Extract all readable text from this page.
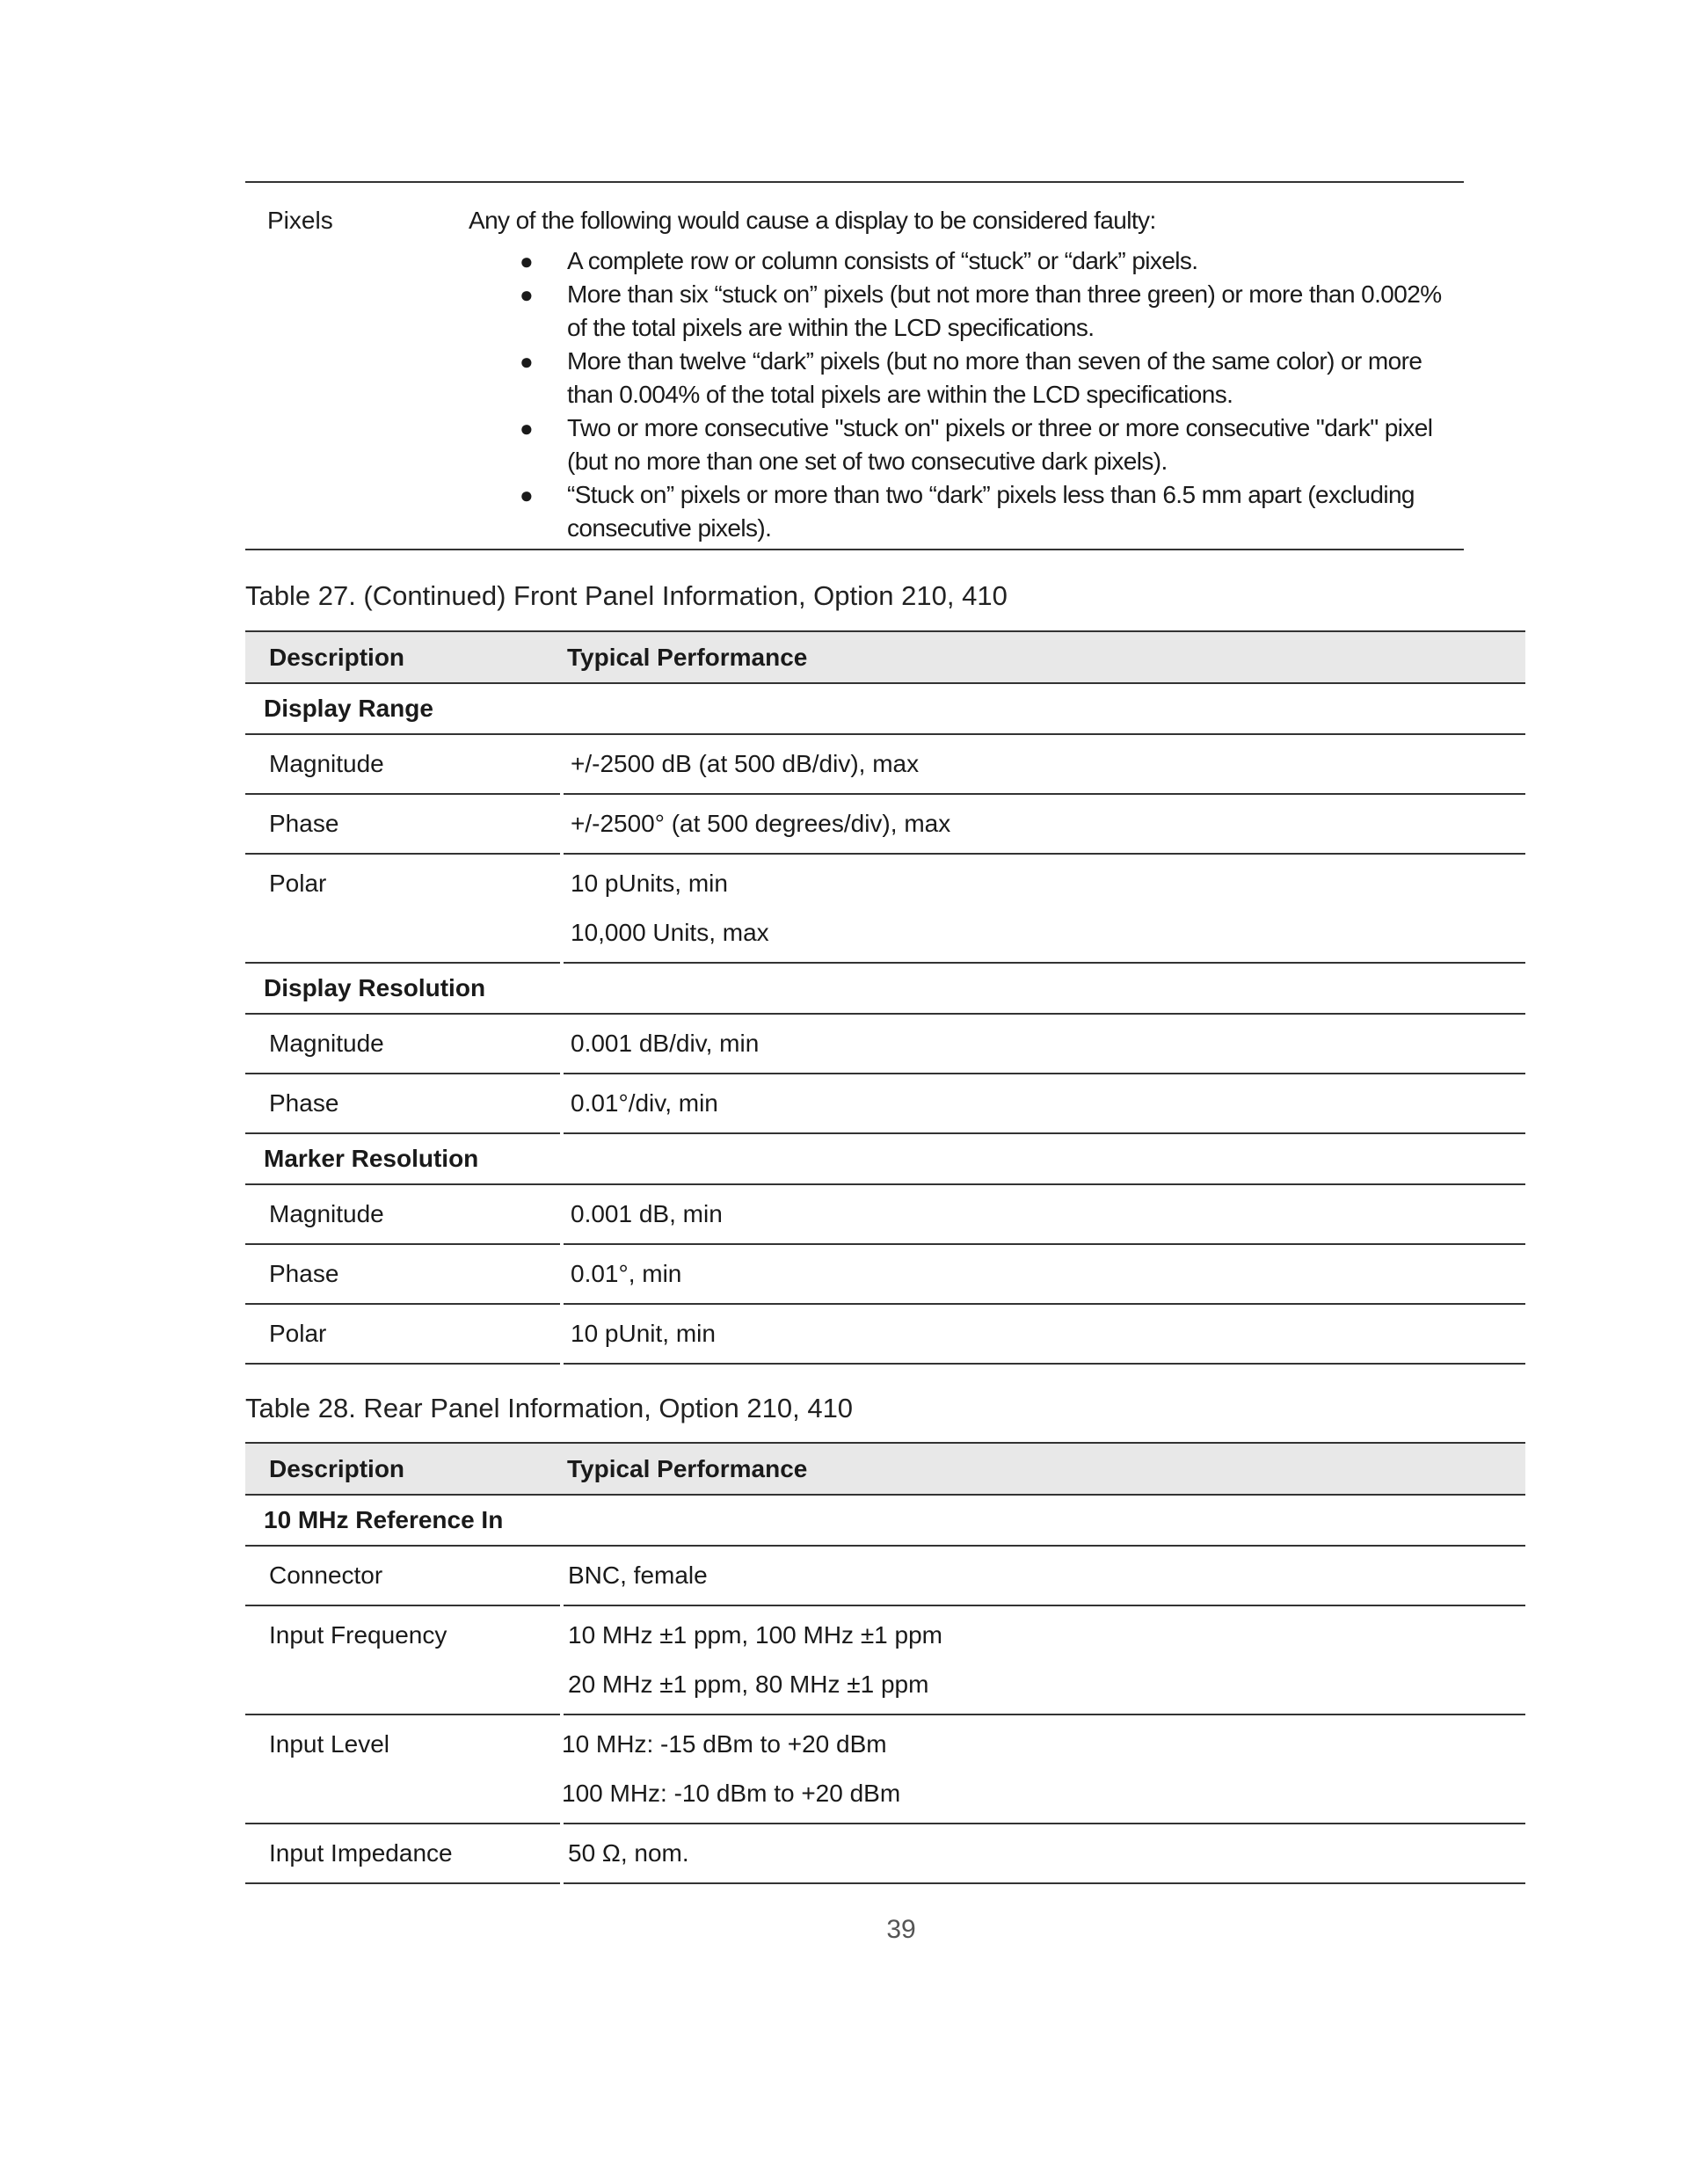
Pixels	Any of the following would cause a display to be considered faulty:

● A complete row or column consists of “stuck” or “dark” pixels.
● More than six “stuck on” pixels (but not more than three green) or more than 0.002% of the total pixels are within the LCD specifications.
● More than twelve “dark” pixels (but no more than seven of the same color) or more than 0.004% of the total pixels are within the LCD specifications.
● Two or more consecutive "stuck on" pixels or three or more consecutive "dark" pixel (but no more than one set of two consecutive dark pixels).
● “Stuck on” pixels or more than two “dark” pixels less than 6.5 mm apart (excluding consecutive pixels).
Table 27. (Continued) Front Panel Information, Option 210, 410
Description	Typical Performance
Display Range
Magnitude	+/-2500 dB (at 500 dB/div), max
Phase	+/-2500° (at 500 degrees/div), max
Polar	10 pUnits, min
10,000 Units, max
Display Resolution
Magnitude	0.001 dB/div, min
Phase	0.01°/div, min
Marker Resolution
Magnitude	0.001 dB, min
Phase	0.01°, min
Polar	10 pUnit, min
Table 28. Rear Panel Information, Option 210, 410
Description	Typical Performance
10 MHz Reference In
Connector	BNC, female
Input Frequency	10 MHz ±1 ppm, 100 MHz ±1 ppm
20 MHz ±1 ppm, 80 MHz ±1 ppm
Input Level	10 MHz: -15 dBm to +20 dBm
100 MHz: -10 dBm to +20 dBm
Input Impedance	50 Ω, nom.
39
